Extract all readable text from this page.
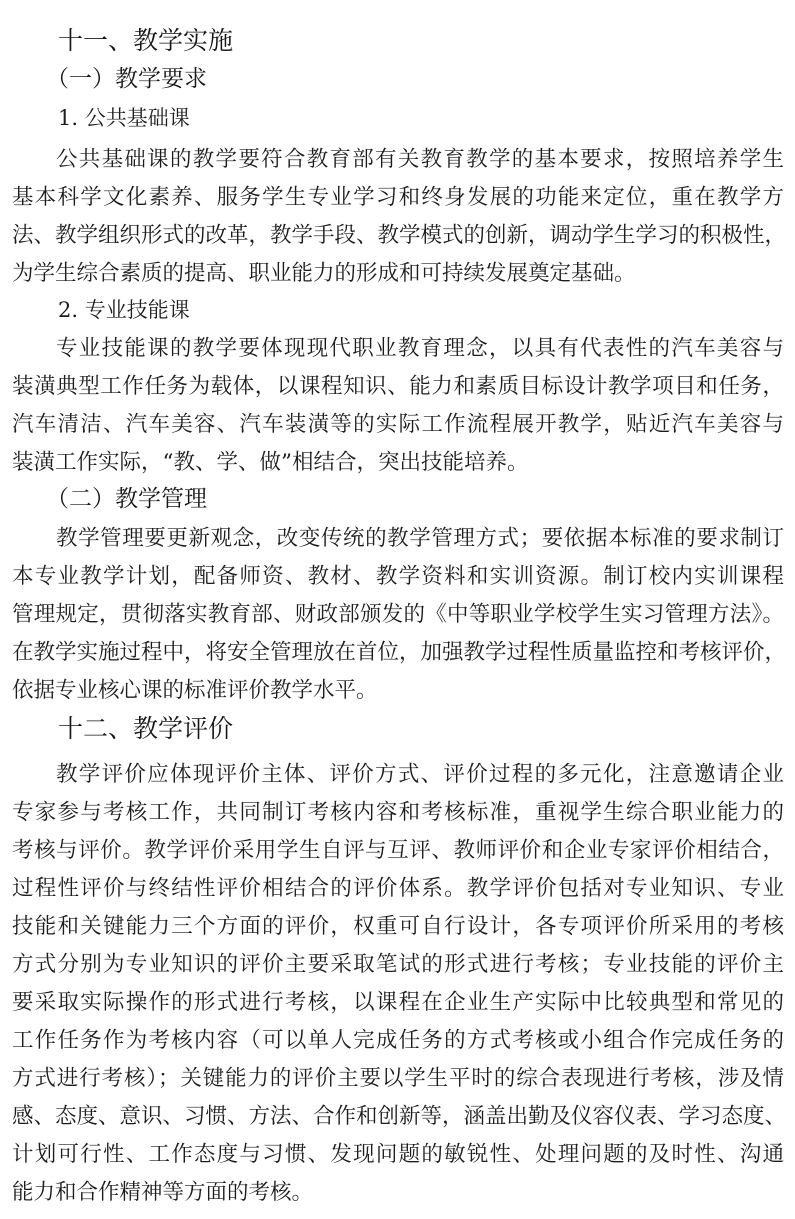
十一、教学实施
（一）教学要求
1. 公共基础课
公共基础课的教学要符合教育部有关教育教学的基本要求，按照培养学生
基本科学文化素养、服务学生专业学习和终身发展的功能来定位，重在教学方
法、教学组织形式的改革，教学手段、教学模式的创新，调动学生学习的积极性，
为学生综合素质的提高、职业能力的形成和可持续发展奠定基础。
2. 专业技能课
专业技能课的教学要体现现代职业教育理念，以具有代表性的汽车美容与
装潢典型工作任务为载体，以课程知识、能力和素质目标设计教学项目和任务，
汽车清洁、汽车美容、汽车装潢等的实际工作流程展开教学，贴近汽车美容与
装潢工作实际，“教、学、做”相结合，突出技能培养。
（二）教学管理
教学管理要更新观念，改变传统的教学管理方式；要依据本标准的要求制订
本专业教学计划，配备师资、教材、教学资料和实训资源。制订校内实训课程
管理规定，贯彻落实教育部、财政部颁发的《中等职业学校学生实习管理方法》。
在教学实施过程中，将安全管理放在首位，加强教学过程性质量监控和考核评价，
依据专业核心课的标准评价教学水平。
十二、教学评价
教学评价应体现评价主体、评价方式、评价过程的多元化，注意邀请企业
专家参与考核工作，共同制订考核内容和考核标准，重视学生综合职业能力的
考核与评价。教学评价采用学生自评与互评、教师评价和企业专家评价相结合，
过程性评价与终结性评价相结合的评价体系。教学评价包括对专业知识、专业
技能和关键能力三个方面的评价，权重可自行设计，各专项评价所采用的考核
方式分别为专业知识的评价主要采取笔试的形式进行考核；专业技能的评价主
要采取实际操作的形式进行考核，以课程在企业生产实际中比较典型和常见的
工作任务作为考核内容（可以单人完成任务的方式考核或小组合作完成任务的
方式进行考核）；关键能力的评价主要以学生平时的综合表现进行考核，涉及情
感、态度、意识、习惯、方法、合作和创新等，涵盖出勤及仪容仪表、学习态度、
计划可行性、工作态度与习惯、发现问题的敏锐性、处理问题的及时性、沟通
能力和合作精神等方面的考核。
